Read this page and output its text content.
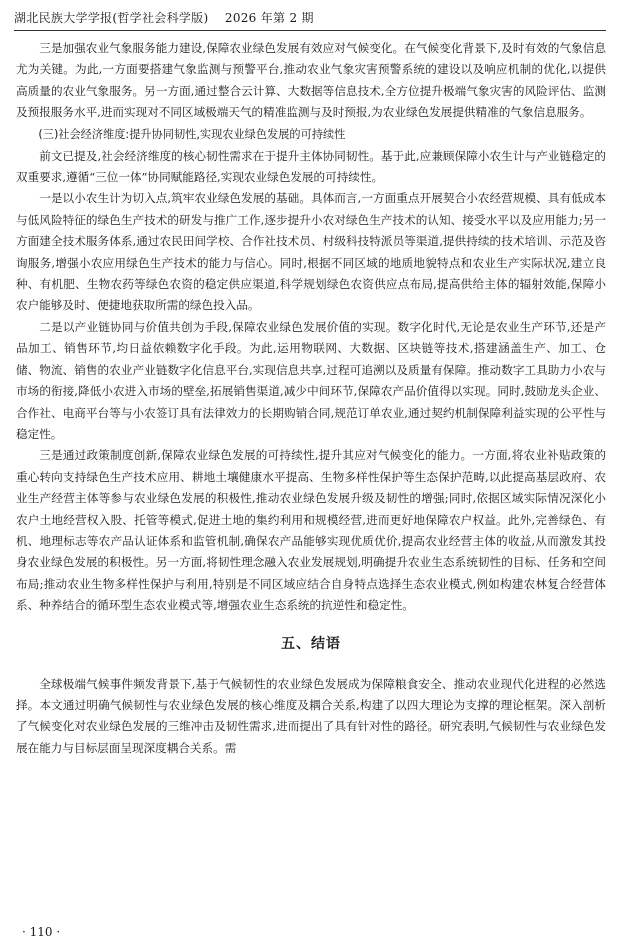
湖北民族大学学报(哲学社会科学版)　 2026 年第 2 期

三是加强农业气象服务能力建设,保障农业绿色发展有效应对气候变化。在气候变化背景下,及时有效的气象信息尤为关键。为此,一方面要搭建气象监测与预警平台,推动农业气象灾害预警系统的建设以及响应机制的优化,以提供高质量的农业气象服务。另一方面,通过整合云计算、大数据等信息技术,全方位提升极端气象灾害的风险评估、监测及预报服务水平,进而实现对不同区域极端天气的精准监测与及时预报,为农业绿色发展提供精准的气象信息服务。

(三)社会经济维度:提升协同韧性,实现农业绿色发展的可持续性

前文已提及,社会经济维度的核心韧性需求在于提升主体协同韧性。基于此,应兼顾保障小农生计与产业链稳定的双重要求,遵循“三位一体”协同赋能路径,实现农业绿色发展的可持续性。

一是以小农生计为切入点,筑牢农业绿色发展的基础。具体而言,一方面重点开展契合小农经营规模、具有低成本与低风险特征的绿色生产技术的研发与推广工作,逐步提升小农对绿色生产技术的认知、接受水平以及应用能力;另一方面建全技术服务体系,通过农民田间学校、合作社技术员、村级科技特派员等渠道,提供持续的技术培训、示范及咨询服务,增强小农应用绿色生产技术的能力与信心。同时,根据不同区域的地质地貌特点和农业生产实际状况,建立良种、有机肥、生物农药等绿色农资的稳定供应渠道,科学规划绿色农资供应点布局,提高供给主体的辐射效能,保障小农户能够及时、便捷地获取所需的绿色投入品。

二是以产业链协同与价值共创为手段,保障农业绿色发展价值的实现。数字化时代,无论是农业生产环节,还是产品加工、销售环节,均日益依赖数字化手段。为此,运用物联网、大数据、区块链等技术,搭建涵盖生产、加工、仓储、物流、销售的农业产业链数字化信息平台,实现信息共享,过程可追溯以及质量有保障。推动数字工具助力小农与市场的衔接,降低小农进入市场的壁垒,拓展销售渠道,减少中间环节,保障农产品价值得以实现。同时,鼓励龙头企业、合作社、电商平台等与小农签订具有法律效力的长期购销合同,规范订单农业,通过契约机制保障利益实现的公平性与稳定性。

三是通过政策制度创新,保障农业绿色发展的可持续性,提升其应对气候变化的能力。一方面,将农业补贴政策的重心转向支持绿色生产技术应用、耕地土壤健康水平提高、生物多样性保护等生态保护范畴,以此提高基层政府、农业生产经营主体等参与农业绿色发展的积极性,推动农业绿色发展升级及韧性的增强;同时,依据区域实际情况深化小农户土地经营权入股、托管等模式,促进土地的集约利用和规模经营,进而更好地保障农户权益。此外,完善绿色、有机、地理标志等农产品认证体系和监管机制,确保农产品能够实现优质优价,提高农业经营主体的收益,从而激发其投身农业绿色发展的积极性。另一方面,将韧性理念融入农业发展规划,明确提升农业生态系统韧性的目标、任务和空间布局;推动农业生物多样性保护与利用,特别是不同区域应结合自身特点选择生态农业模式,例如构建农林复合经营体系、种养结合的循环型生态农业模式等,增强农业生态系统的抗逆性和稳定性。

五、结语

全球极端气候事件频发背景下,基于气候韧性的农业绿色发展成为保障粮食安全、推动农业现代化进程的必然选择。本文通过明确气候韧性与农业绿色发展的核心维度及耦合关系,构建了以四大理论为支撑的理论框架。深入剖析了气候变化对农业绿色发展的三维冲击及韧性需求,进而提出了具有针对性的路径。研究表明,气候韧性与农业绿色发展在能力与目标层面呈现深度耦合关系。需

· 110 ·
